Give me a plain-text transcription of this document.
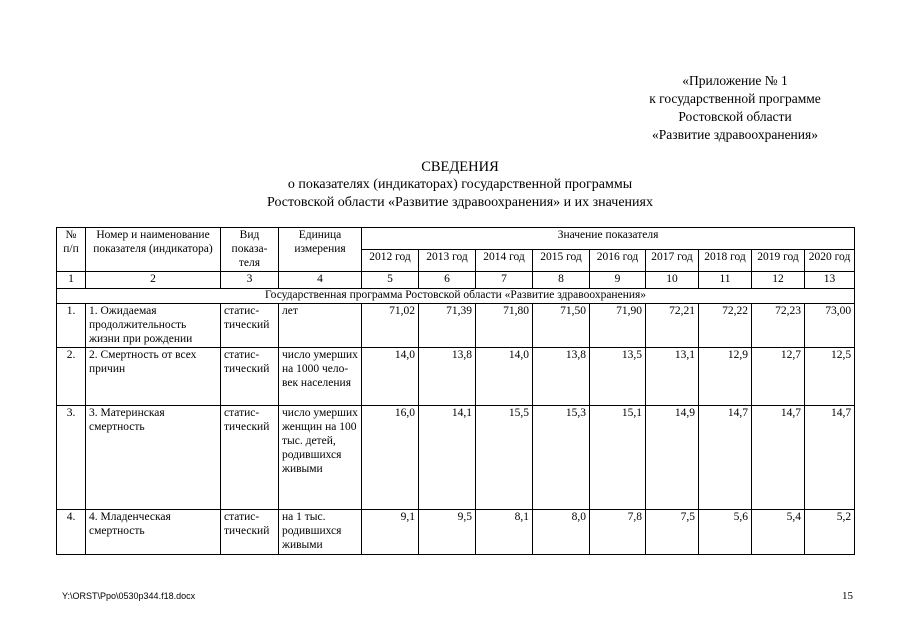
«Приложение № 1
к государственной программе
Ростовской области
«Развитие здравоохранения»
СВЕДЕНИЯ
о показателях (индикаторах) государственной программы
Ростовской области «Развитие здравоохранения» и их значениях
№ п/п	Номер и наименование показателя (индикатора)	Вид показа-теля	Единица измерения	Значение показателя								
				2012 год	2013 год	2014 год	2015 год	2016 год	2017 год	2018 год	2019 год	2020 год
1	2	3	4	5	6	7	8	9	10	11	12	13
Государственная программа Ростовской области «Развитие здравоохранения»												
1.	1. Ожидаемая продолжительность жизни при рождении	статис-тический	лет	71,02	71,39	71,80	71,50	71,90	72,21	72,22	72,23	73,00
2.	2. Смертность от всех причин	статис-тический	число умерших на 1000 чело-век населения	14,0	13,8	14,0	13,8	13,5	13,1	12,9	12,7	12,5
3.	3. Материнская смертность	статис-тический	число умерших женщин на 100 тыс. детей, родившихся живыми	16,0	14,1	15,5	15,3	15,1	14,9	14,7	14,7	14,7
4.	4. Младенческая смертность	статис-тический	на 1 тыс. родившихся живыми	9,1	9,5	8,1	8,0	7,8	7,5	5,6	5,4	5,2
Y:\ORST\Ppo\0530p344.f18.docx	15
